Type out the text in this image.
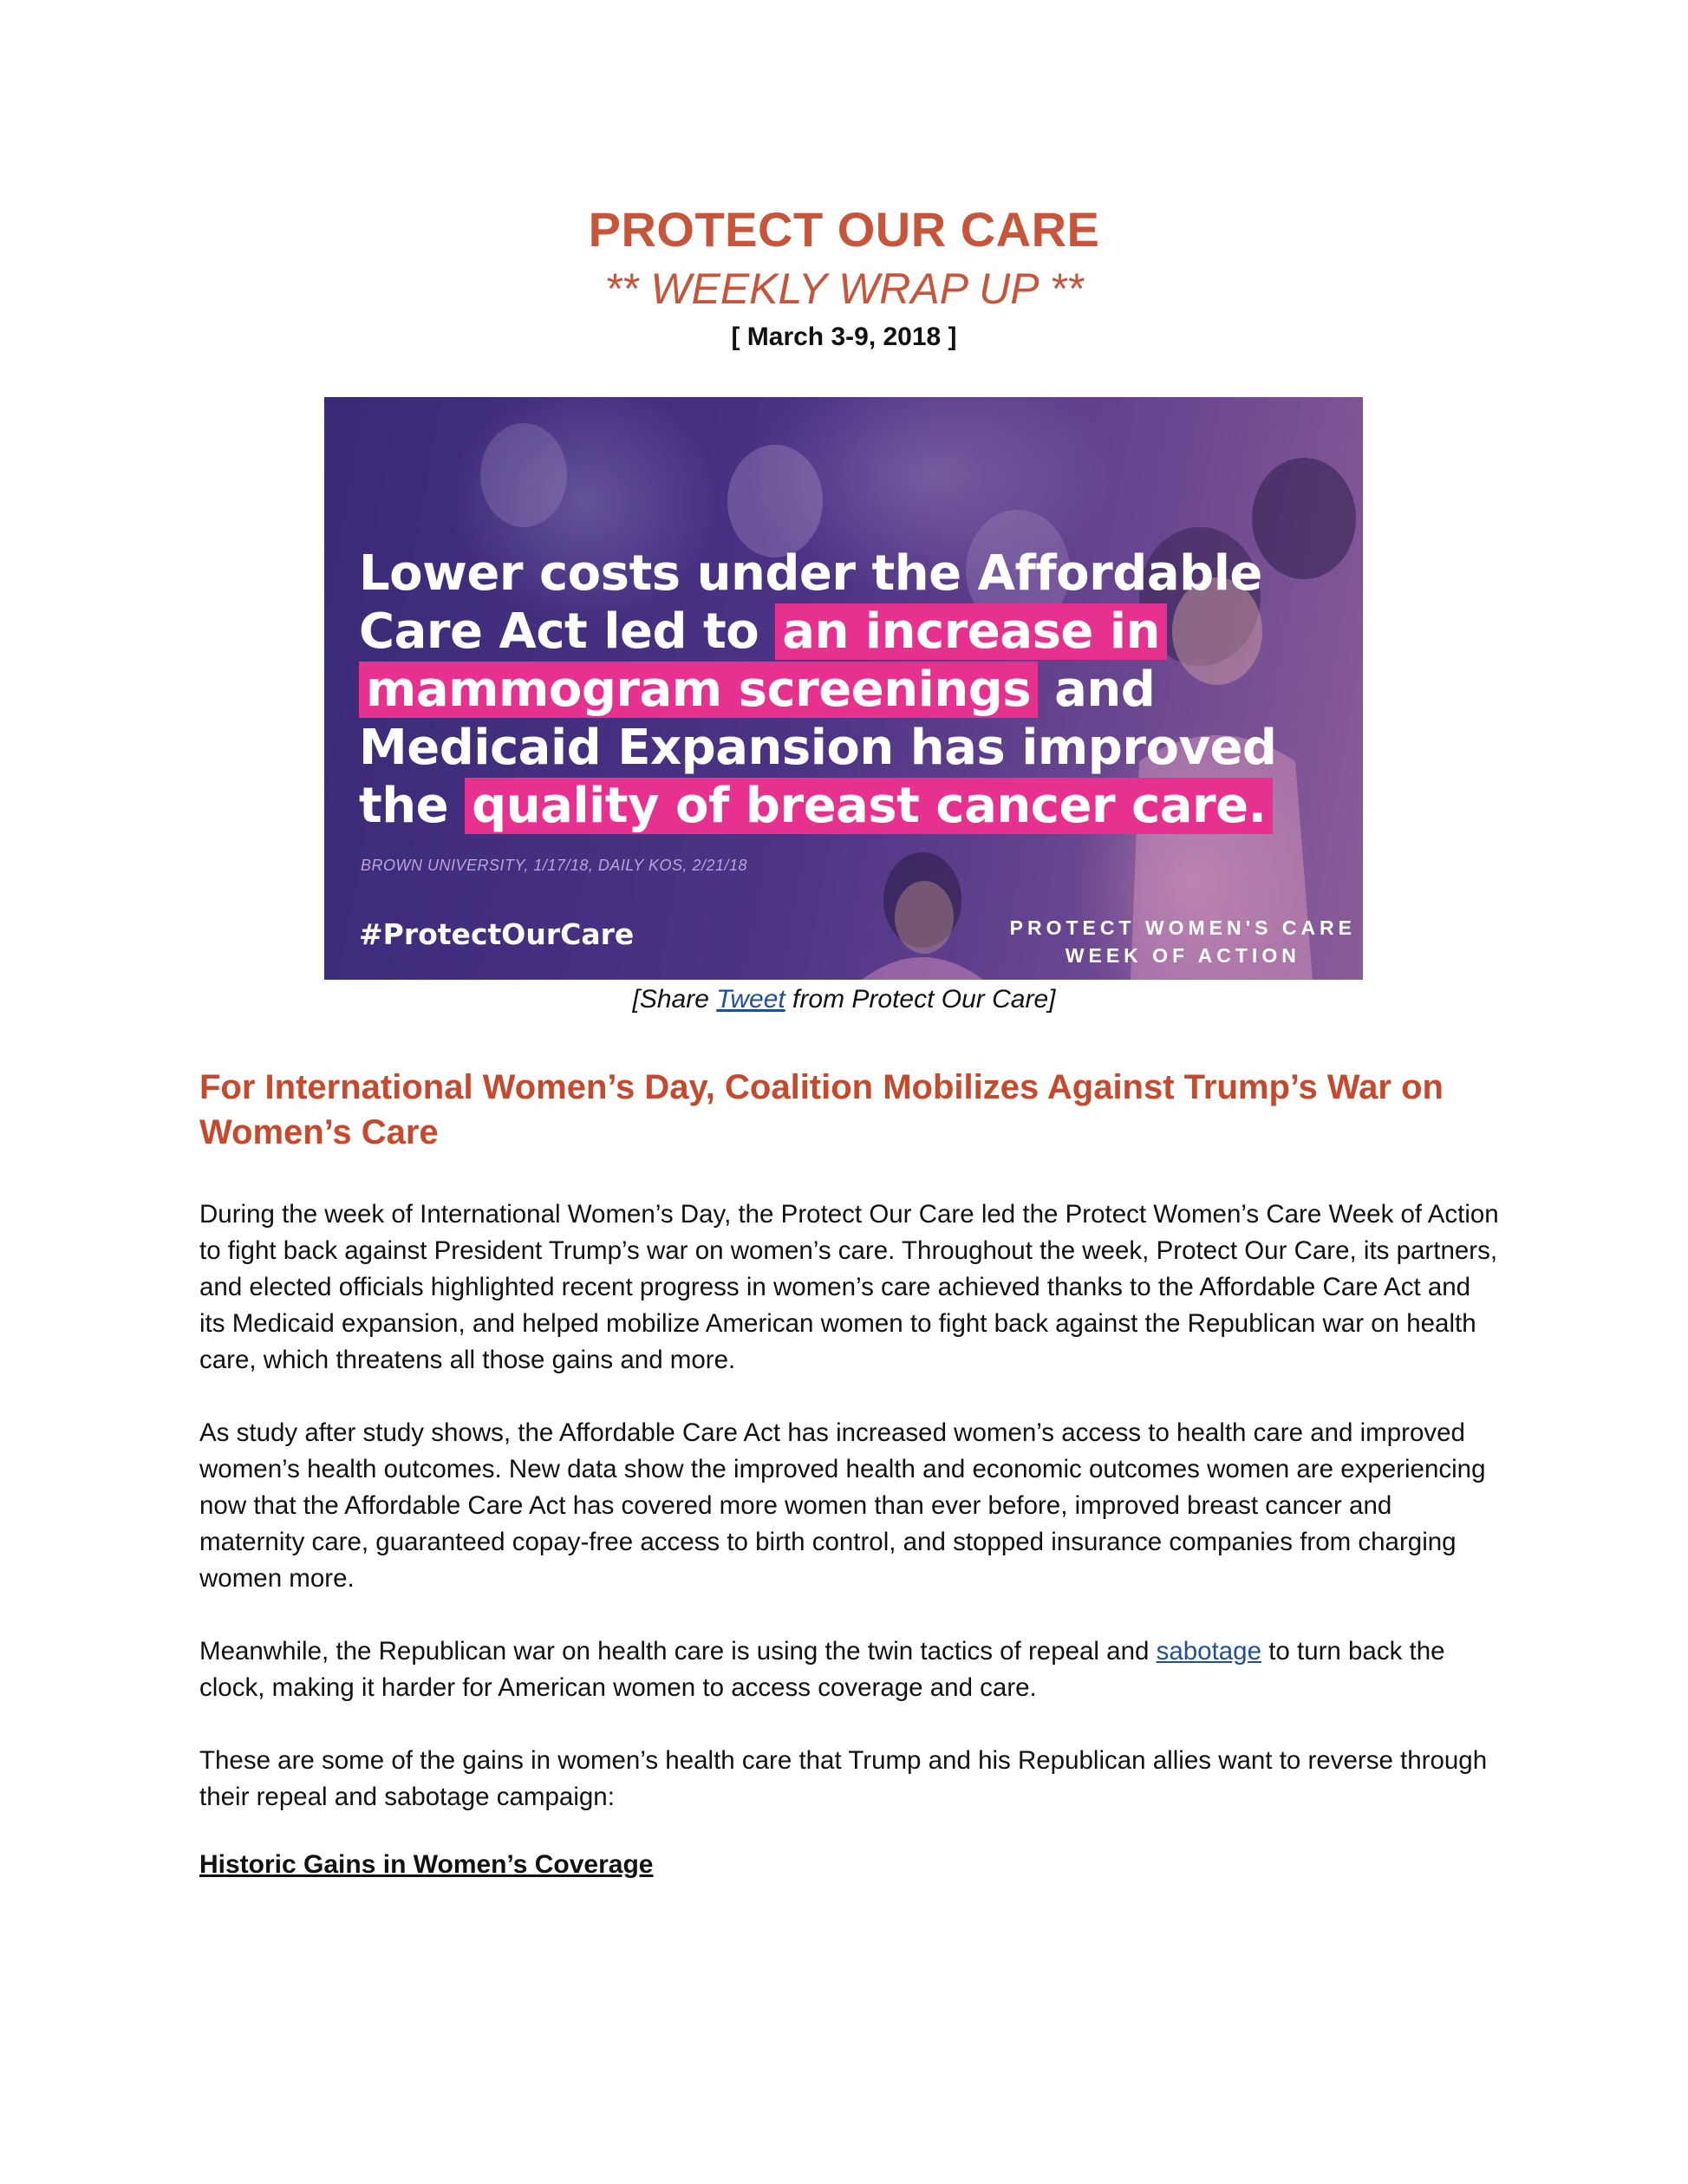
PROTECT OUR CARE
** WEEKLY WRAP UP **
[ March 3-9, 2018 ]
Lower costs under the Affordable
Care Act led to an increase in
mammogram screenings and
Medicaid Expansion has improved
the quality of breast cancer care.
BROWN UNIVERSITY, 1/17/18, DAILY KOS, 2/21/18
#ProtectOurCare	PROTECT WOMEN'S CARE
WEEK OF ACTION
[Share Tweet from Protect Our Care]
For International Women’s Day, Coalition Mobilizes Against Trump’s War on Women’s Care

During the week of International Women’s Day, the Protect Our Care led the Protect Women’s Care Week of Action to fight back against President Trump’s war on women’s care. Throughout the week, Protect Our Care, its partners, and elected officials highlighted recent progress in women’s care achieved thanks to the Affordable Care Act and its Medicaid expansion, and helped mobilize American women to fight back against the Republican war on health care, which threatens all those gains and more.

As study after study shows, the Affordable Care Act has increased women’s access to health care and improved women’s health outcomes. New data show the improved health and economic outcomes women are experiencing now that the Affordable Care Act has covered more women than ever before, improved breast cancer and maternity care, guaranteed copay-free access to birth control, and stopped insurance companies from charging women more.

Meanwhile, the Republican war on health care is using the twin tactics of repeal and sabotage to turn back the clock, making it harder for American women to access coverage and care.

These are some of the gains in women’s health care that Trump and his Republican allies want to reverse through their repeal and sabotage campaign:

Historic Gains in Women’s Coverage
